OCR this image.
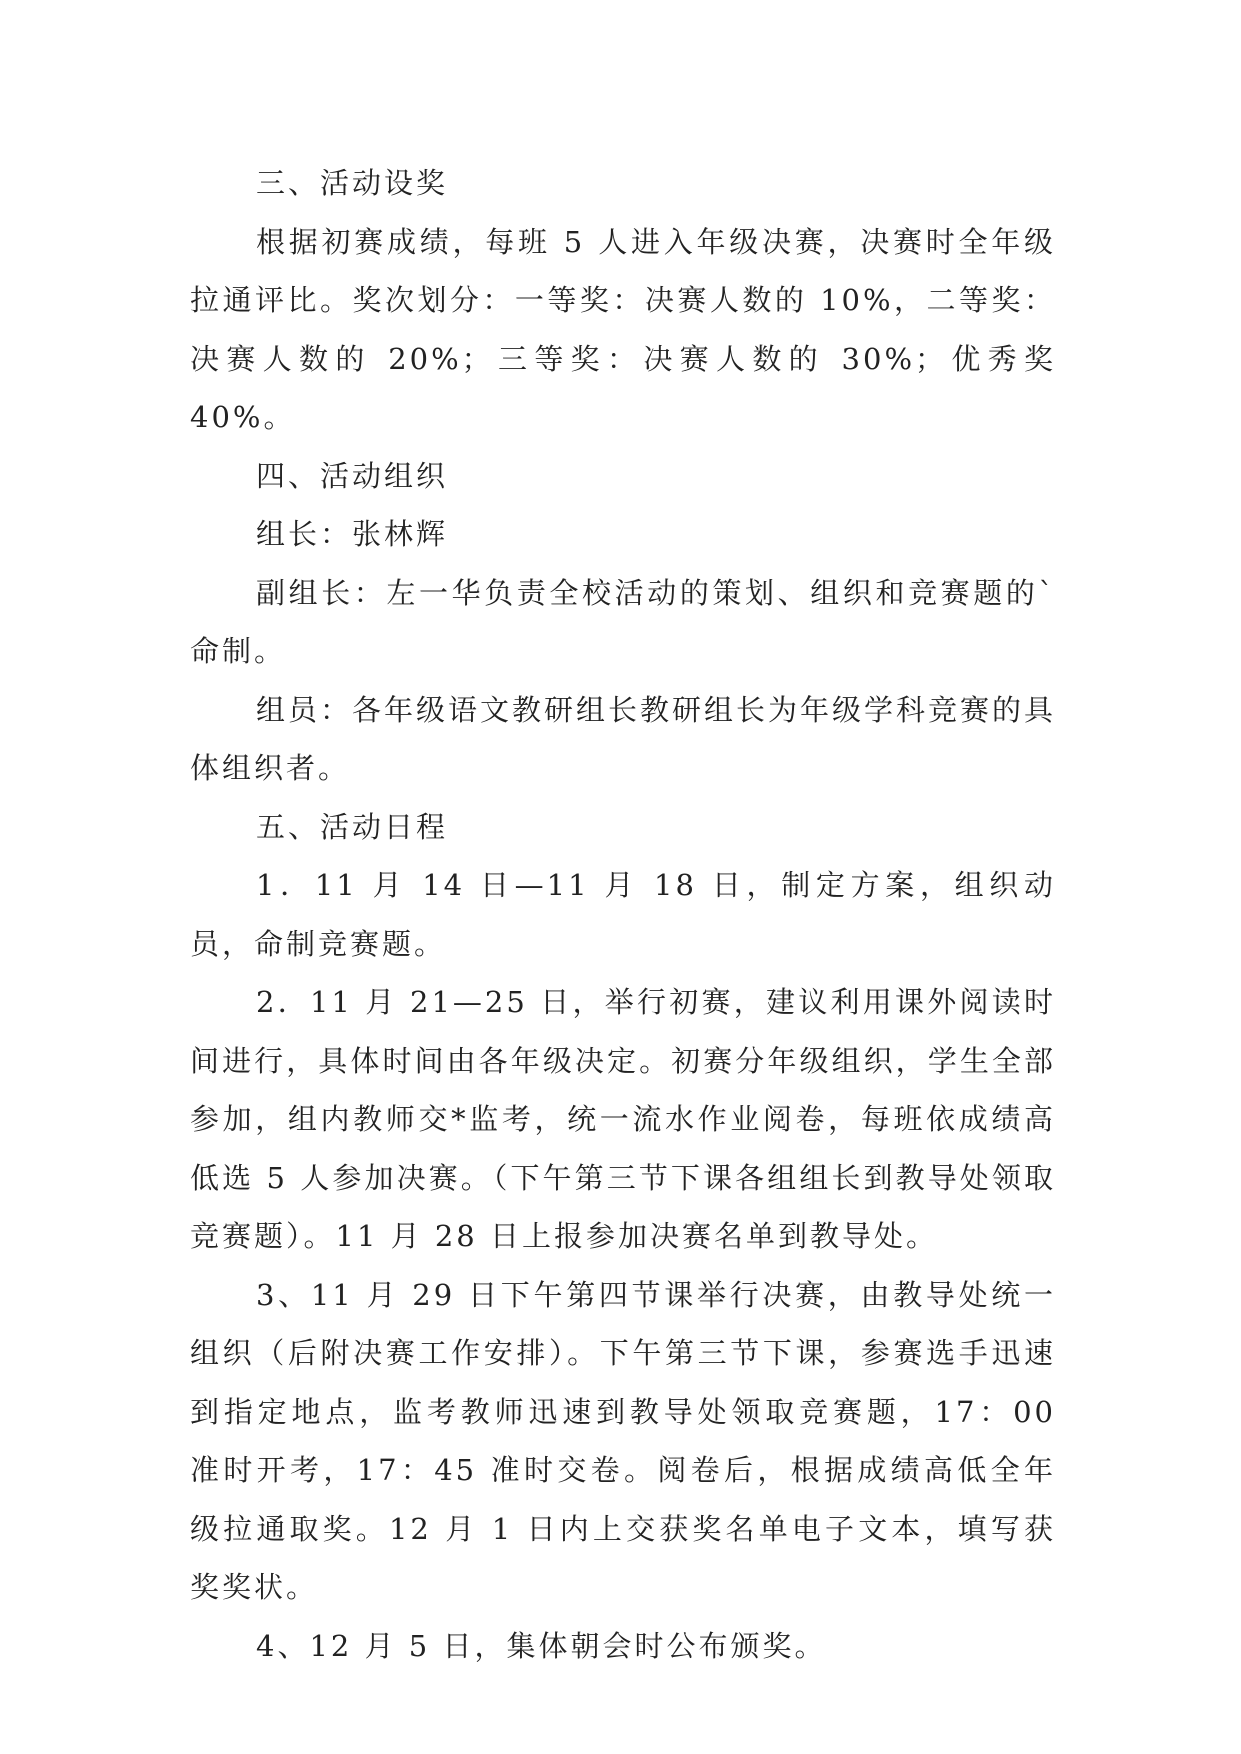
三、活动设奖

根据初赛成绩，每班 5 人进入年级决赛，决赛时全年级拉通评比。奖次划分：一等奖：决赛人数的 10%，二等奖：决赛人数的 20%；三等奖：决赛人数的 30%；优秀奖 40%。

四、活动组织

组长：张林辉

副组长：左一华负责全校活动的策划、组织和竞赛题的`命制。

组员：各年级语文教研组长教研组长为年级学科竞赛的具体组织者。

五、活动日程

1．11 月 14 日—11 月 18 日，制定方案，组织动员，命制竞赛题。

2．11 月 21—25 日，举行初赛，建议利用课外阅读时间进行，具体时间由各年级决定。初赛分年级组织，学生全部参加，组内教师交*监考，统一流水作业阅卷，每班依成绩高低选 5 人参加决赛。（下午第三节下课各组组长到教导处领取竞赛题）。11 月 28 日上报参加决赛名单到教导处。

3、11 月 29 日下午第四节课举行决赛，由教导处统一组织（后附决赛工作安排）。下午第三节下课，参赛选手迅速到指定地点，监考教师迅速到教导处领取竞赛题，17：00 准时开考，17：45 准时交卷。阅卷后，根据成绩高低全年级拉通取奖。12 月 1 日内上交获奖名单电子文本，填写获奖奖状。

4、12 月 5 日，集体朝会时公布颁奖。
